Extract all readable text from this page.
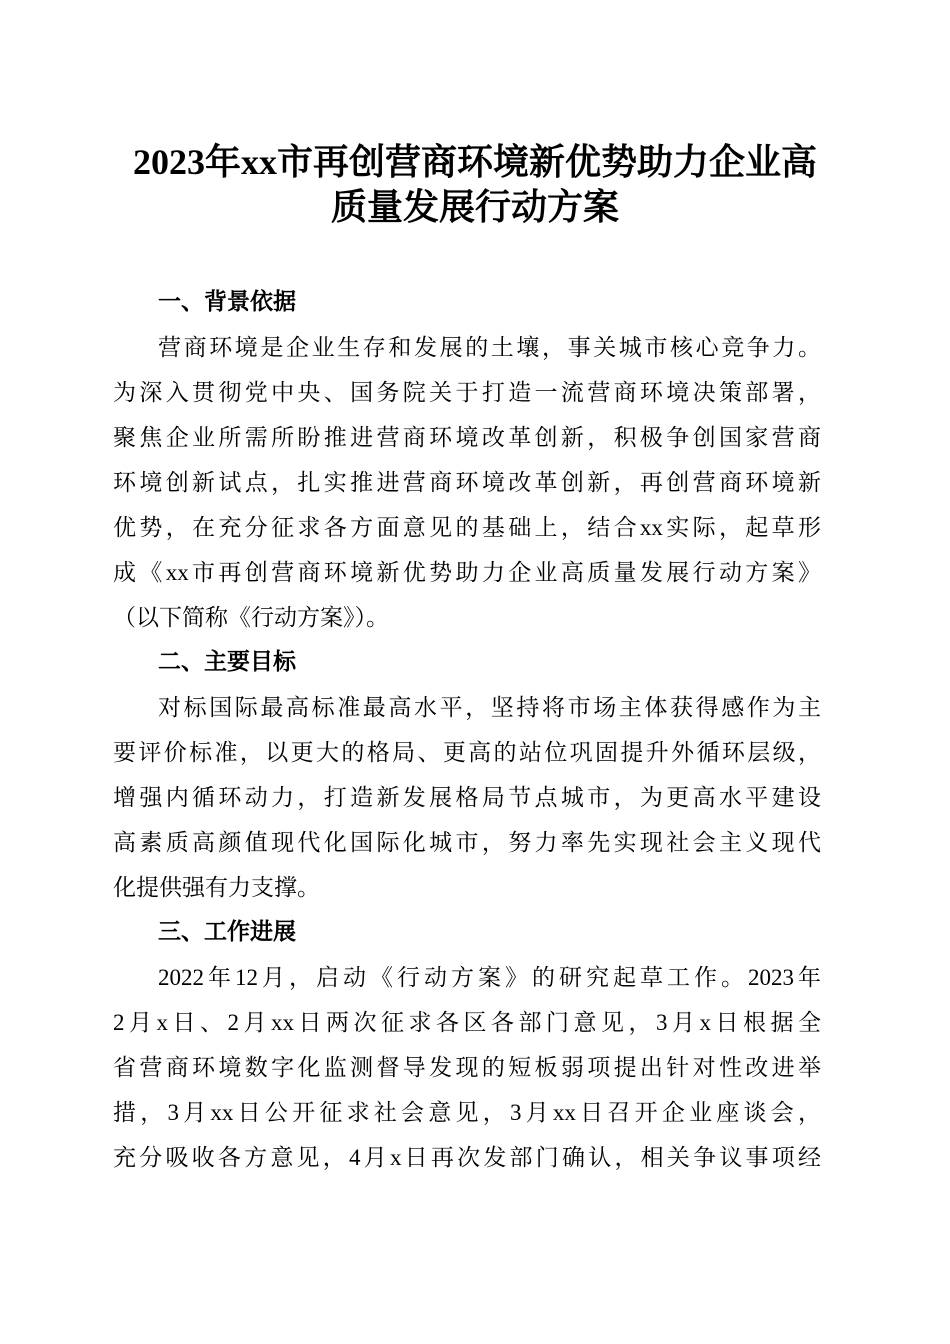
2023年xx市再创营商环境新优势助力企业高
质量发展行动方案
一、背景依据
营商环境是企业生存和发展的土壤，事关城市核心竞争力。
为深入贯彻党中央、国务院关于打造一流营商环境决策部署，
聚焦企业所需所盼推进营商环境改革创新，积极争创国家营商
环境创新试点，扎实推进营商环境改革创新，再创营商环境新
优势，在充分征求各方面意见的基础上，结合xx实际，起草形
成《xx市再创营商环境新优势助力企业高质量发展行动方案》
（以下简称《行动方案》）。
二、主要目标
对标国际最高标准最高水平，坚持将市场主体获得感作为主
要评价标准，以更大的格局、更高的站位巩固提升外循环层级，
增强内循环动力，打造新发展格局节点城市，为更高水平建设
高素质高颜值现代化国际化城市，努力率先实现社会主义现代
化提供强有力支撑。
三、工作进展
2022年12月，启动《行动方案》的研究起草工作。2023年
2月x日、2月xx日两次征求各区各部门意见，3月x日根据全
省营商环境数字化监测督导发现的短板弱项提出针对性改进举
措，3月xx日公开征求社会意见，3月xx日召开企业座谈会，
充分吸收各方意见，4月x日再次发部门确认，相关争议事项经
